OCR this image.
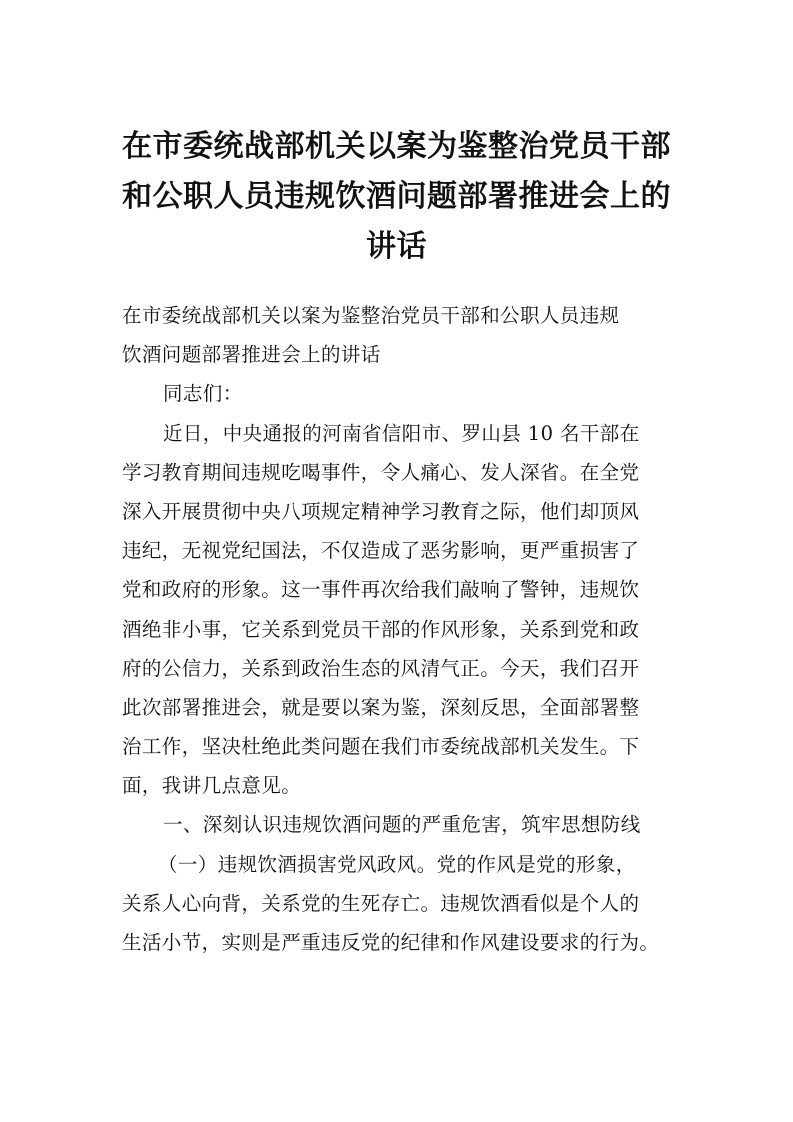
在市委统战部机关以案为鉴整治党员干部
和公职人员违规饮酒问题部署推进会上的
讲话
在市委统战部机关以案为鉴整治党员干部和公职人员违规
饮酒问题部署推进会上的讲话
同志们：
近日，中央通报的河南省信阳市、罗山县 10 名干部在
学习教育期间违规吃喝事件，令人痛心、发人深省。在全党
深入开展贯彻中央八项规定精神学习教育之际，他们却顶风
违纪，无视党纪国法，不仅造成了恶劣影响，更严重损害了
党和政府的形象。这一事件再次给我们敲响了警钟，违规饮
酒绝非小事，它关系到党员干部的作风形象，关系到党和政
府的公信力，关系到政治生态的风清气正。今天，我们召开
此次部署推进会，就是要以案为鉴，深刻反思，全面部署整
治工作，坚决杜绝此类问题在我们市委统战部机关发生。下
面，我讲几点意见。
一、深刻认识违规饮酒问题的严重危害，筑牢思想防线
（一）违规饮酒损害党风政风。党的作风是党的形象，
关系人心向背，关系党的生死存亡。违规饮酒看似是个人的
生活小节，实则是严重违反党的纪律和作风建设要求的行为。
